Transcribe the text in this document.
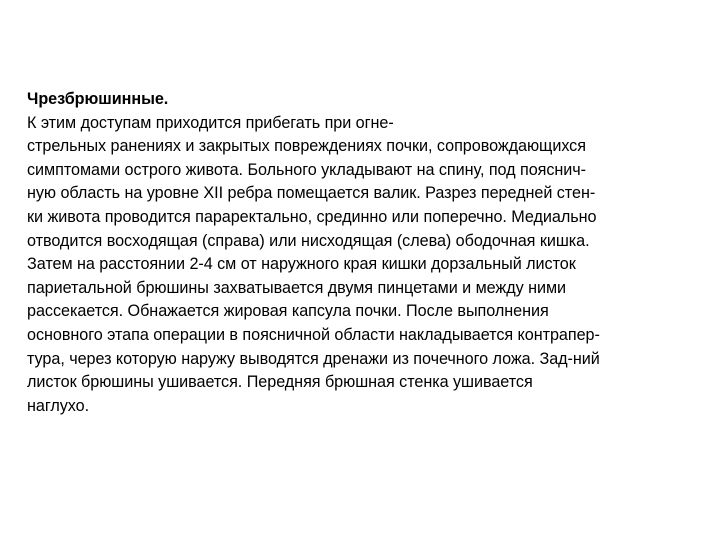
Чрезбрюшинные.
К этим доступам приходится прибегать при огне-
стрельных ранениях и закрытых повреждениях почки, сопровождающихся
симптомами острого живота. Больного укладывают на спину, под пояснич-
ную область на уровне XII ребра помещается валик. Разрез передней стен-
ки живота проводится параректально, срединно или поперечно. Медиально
отводится восходящая (справа) или нисходящая (слева) ободочная кишка.
Затем на расстоянии 2-4 см от наружного края кишки дорзальный листок
париетальной брюшины захватывается двумя пинцетами и между ними
рассекается. Обнажается жировая капсула почки. После выполнения
основного этапа операции в поясничной области накладывается контрапер-
тура, через которую наружу выводятся дренажи из почечного ложа. Зад-ний
листок брюшины ушивается. Передняя брюшная стенка ушивается
наглухо.
